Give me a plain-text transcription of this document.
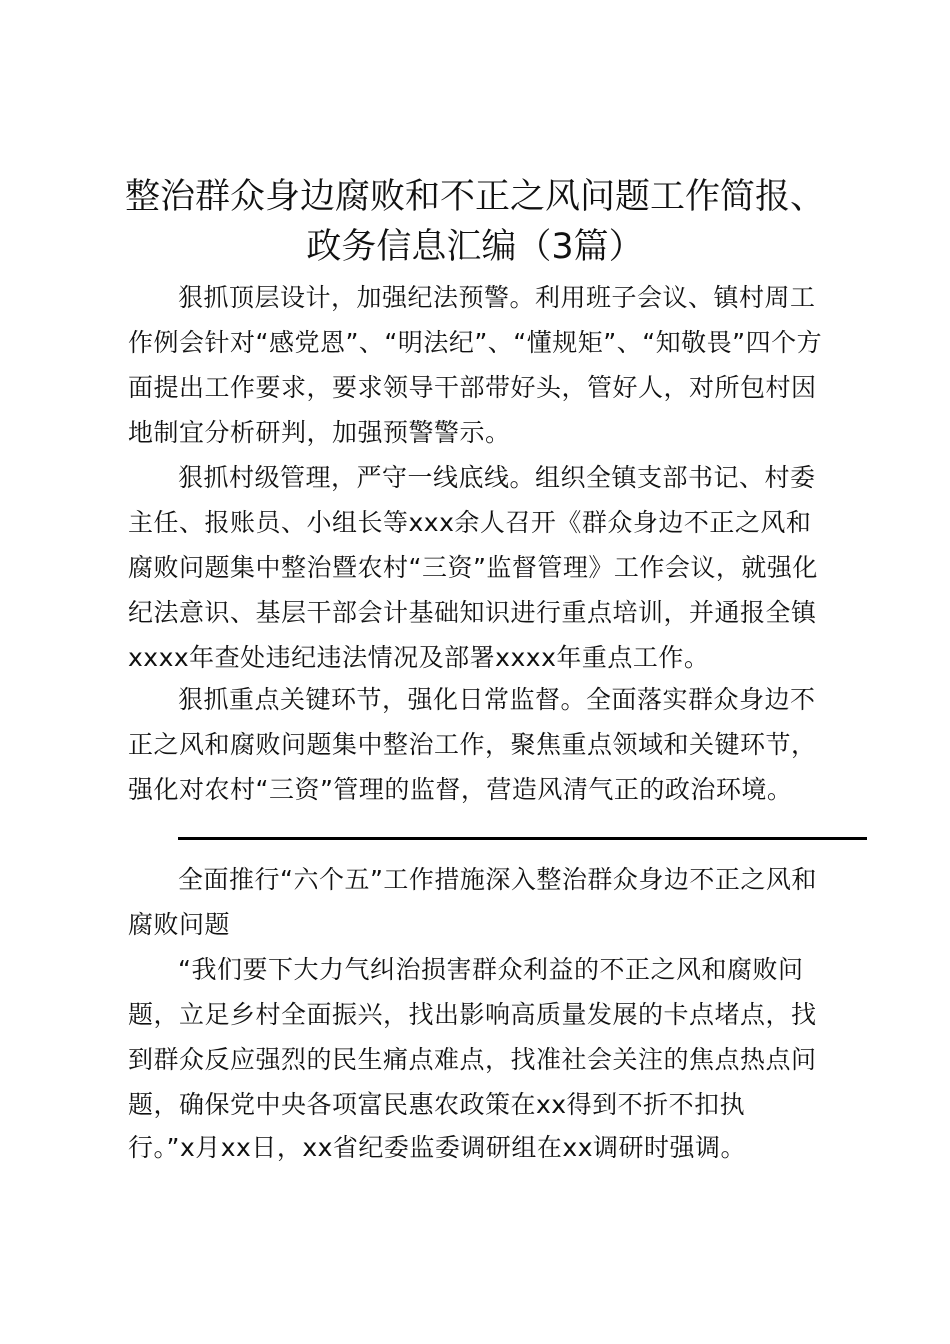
整治群众身边腐败和不正之风问题工作简报、
政务信息汇编（3篇）
狠抓顶层设计，加强纪法预警。利用班子会议、镇村周工
作例会针对“感党恩”、“明法纪”、“懂规矩”、“知敬畏”四个方
面提出工作要求，要求领导干部带好头，管好人，对所包村因
地制宜分析研判，加强预警警示。
狠抓村级管理，严守一线底线。组织全镇支部书记、村委
主任、报账员、小组长等xxx余人召开《群众身边不正之风和
腐败问题集中整治暨农村“三资”监督管理》工作会议，就强化
纪法意识、基层干部会计基础知识进行重点培训，并通报全镇
xxxx年查处违纪违法情况及部署xxxx年重点工作。
狠抓重点关键环节，强化日常监督。全面落实群众身边不
正之风和腐败问题集中整治工作，聚焦重点领域和关键环节，
强化对农村“三资”管理的监督，营造风清气正的政治环境。
全面推行“六个五”工作措施深入整治群众身边不正之风和
腐败问题
“我们要下大力气纠治损害群众利益的不正之风和腐败问
题，立足乡村全面振兴，找出影响高质量发展的卡点堵点，找
到群众反应强烈的民生痛点难点，找准社会关注的焦点热点问
题，确保党中央各项富民惠农政策在xx得到不折不扣执
行。”x月xx日，xx省纪委监委调研组在xx调研时强调。
